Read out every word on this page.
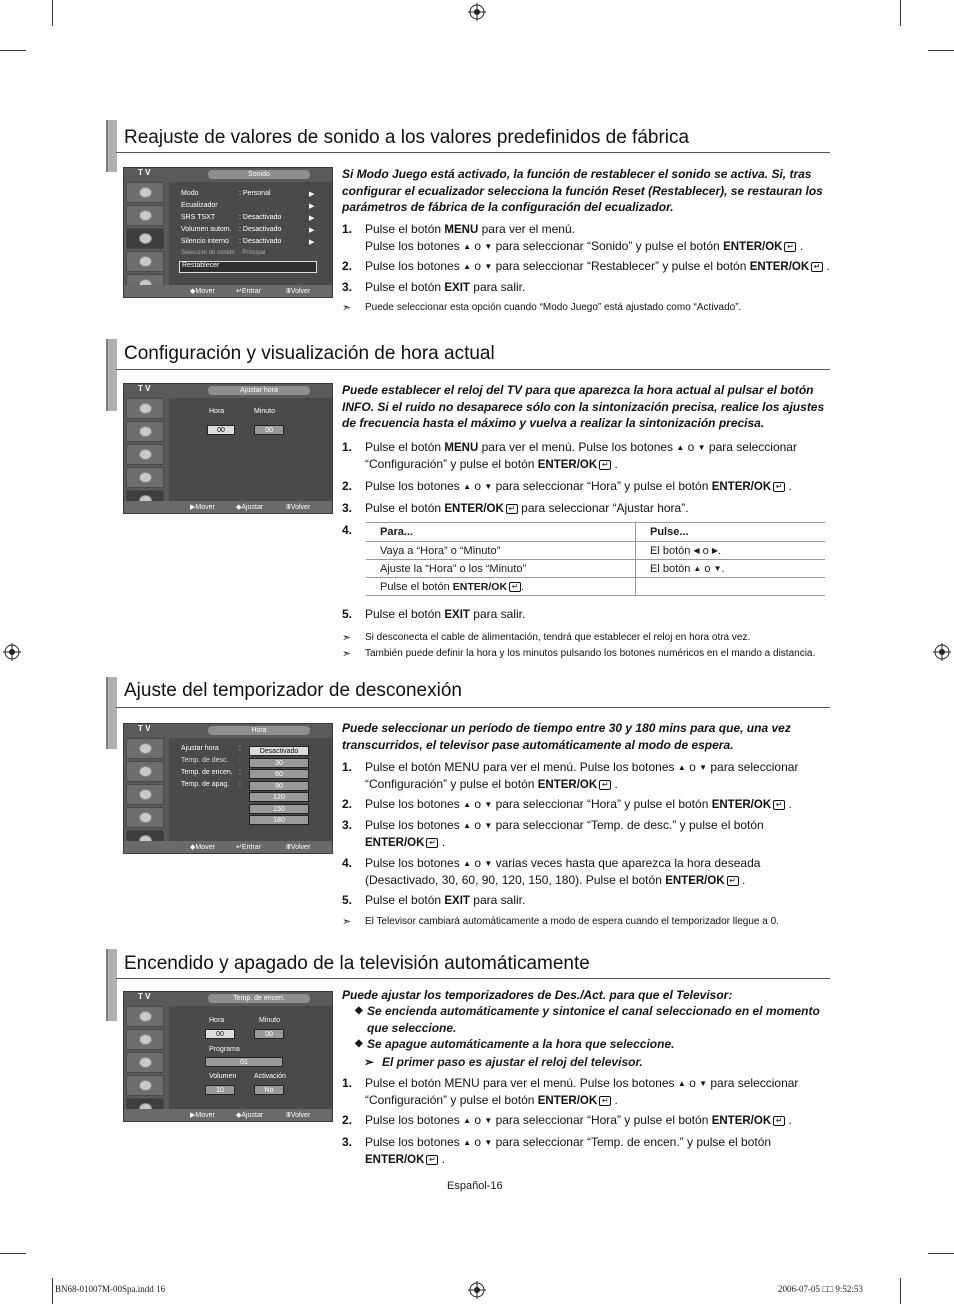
Reajuste de valores de sonido a los valores predefinidos de fábrica
T V	Sonido
Modo	: Personal	▶
Ecualizador	▶
SRS TSXT	: Desactivado	▶
Volumen autom. : Desactivado	▶
Silencio interno : Desactivado	▶
Selección de sonido : Principal
Restablecer
◆Mover	↵Entrar	ⅢVolver
Si Modo Juego está activado, la función de restablecer el sonido se activa. Si, tras configurar el ecualizador selecciona la función Reset (Restablecer), se restauran los parámetros de fábrica de la configuración del ecualizador.
1. Pulse el botón MENU para ver el menú.
Pulse los botones ▲ o ▼ para seleccionar “Sonido” y pulse el botón ENTER/OK ↵ .
2. Pulse los botones ▲ o ▼ para seleccionar “Restablecer” y pulse el botón ENTER/OK ↵ .
3. Pulse el botón EXIT para salir.
➣ Puede seleccionar esta opción cuando “Modo Juego” está ajustado como “Activado”.
Configuración y visualización de hora actual
T V	Ajustar hora
Hora	Minuto
00	00
▶Mover	◆Ajustar	ⅢVolver
Puede establecer el reloj del TV para que aparezca la hora actual al pulsar el botón INFO. Si el ruido no desaparece sólo con la sintonización precisa, realice los ajustes de frecuencia hasta el máximo y vuelva a realizar la sintonización precisa.
1. Pulse el botón MENU para ver el menú. Pulse los botones ▲ o ▼ para seleccionar
“Configuración” y pulse el botón ENTER/OK ↵ .
2. Pulse los botones ▲ o ▼ para seleccionar “Hora” y pulse el botón ENTER/OK ↵ .
3. Pulse el botón ENTER/OK ↵ para seleccionar “Ajustar hora”.
4.	Para...	Pulse...
Vaya a “Hora” o “Minuto”	El botón ◀ o ▶.
Ajuste la “Hora” o los “Minuto”	El botón ▲ o ▼.
Pulse el botón ENTER/OK ↵ .	
5. Pulse el botón EXIT para salir.
➣ Si desconecta el cable de alimentación, tendrá que establecer el reloj en hora otra vez.
➣ También puede definir la hora y los minutos pulsando los botones numéricos en el mando a distancia.
Ajuste del temporizador de desconexión
T V	Hora
Ajustar hora	:
Temp. de desc. :
Temp. de encen. :
Temp. de apag. :
Desactivado
30
60
90
120
150
180
◆Mover	↵Entrar	ⅢVolver
Puede seleccionar un período de tiempo entre 30 y 180 mins para que, una vez transcurridos, el televisor pase automáticamente al modo de espera.
1. Pulse el botón MENU para ver el menú. Pulse los botones ▲ o ▼ para seleccionar
“Configuración” y pulse el botón ENTER/OK ↵ .
2. Pulse los botones ▲ o ▼ para seleccionar “Hora” y pulse el botón ENTER/OK ↵ .
3. Pulse los botones ▲ o ▼ para seleccionar “Temp. de desc.” y pulse el botón
ENTER/OK ↵ .
4. Pulse los botones ▲ o ▼ varias veces hasta que aparezca la hora deseada
(Desactivado, 30, 60, 90, 120, 150, 180). Pulse el botón ENTER/OK ↵ .
5. Pulse el botón EXIT para salir.
➣ El Televisor cambiará automáticamente a modo de espera cuando el temporizador llegue a 0.
Encendido y apagado de la televisión automáticamente
T V	Temp. de encen.
Hora	Minuto
00	00
Programa
01
Volumen	Activación
10	No
▶Mover	◆Ajustar	ⅢVolver
Puede ajustar los temporizadores de Des./Act. para que el Televisor:
◆ Se encienda automáticamente y sintonice el canal seleccionado en el momento que seleccione.
◆ Se apague automáticamente a la hora que seleccione.
➣ El primer paso es ajustar el reloj del televisor.
1. Pulse el botón MENU para ver el menú. Pulse los botones ▲ o ▼ para seleccionar
“Configuración” y pulse el botón ENTER/OK ↵ .
2. Pulse los botones ▲ o ▼ para seleccionar “Hora” y pulse el botón ENTER/OK ↵ .
3. Pulse los botones ▲ o ▼ para seleccionar “Temp. de encen.” y pulse el botón
ENTER/OK ↵ .
Español-16
BN68-01007M-00Spa.indd 16	2006-07-05 □□ 9:52:53
